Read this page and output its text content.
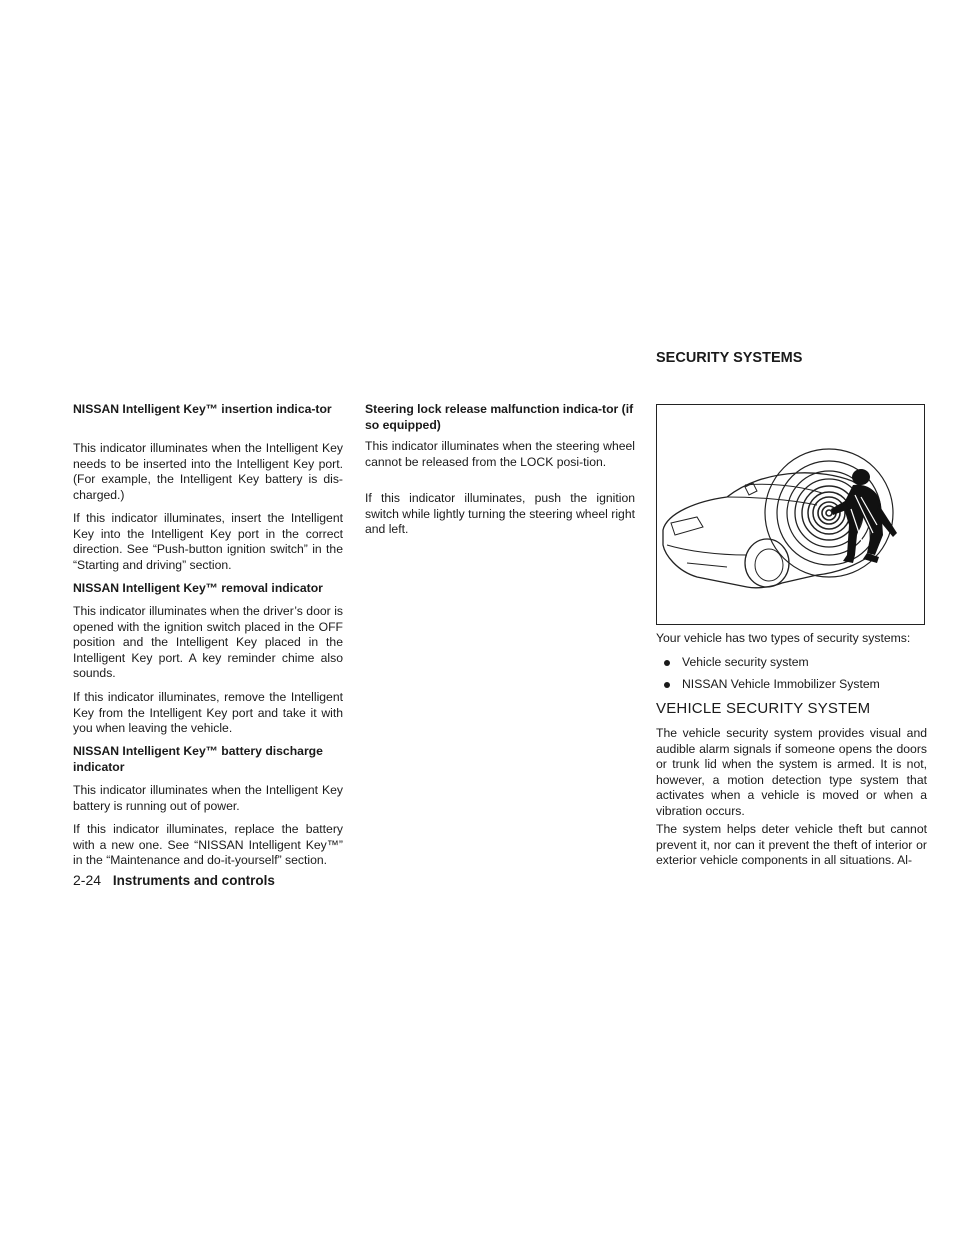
SECURITY SYSTEMS
NISSAN Intelligent Key™ insertion indica-tor

This indicator illuminates when the Intelligent Key needs to be inserted into the Intelligent Key port. (For example, the Intelligent Key battery is dis-charged.)

If this indicator illuminates, insert the Intelligent Key into the Intelligent Key port in the correct direction. See “Push-button ignition switch” in the “Starting and driving” section.

NISSAN Intelligent Key™ removal indicator

This indicator illuminates when the driver’s door is opened with the ignition switch placed in the OFF position and the Intelligent Key placed in the Intelligent Key port. A key reminder chime also sounds.

If this indicator illuminates, remove the Intelligent Key from the Intelligent Key port and take it with you when leaving the vehicle.

NISSAN Intelligent Key™ battery discharge indicator

This indicator illuminates when the Intelligent Key battery is running out of power.

If this indicator illuminates, replace the battery with a new one. See “NISSAN Intelligent Key™” in the “Maintenance and do-it-yourself” section.

Steering lock release malfunction indica-tor (if so equipped)

This indicator illuminates when the steering wheel cannot be released from the LOCK posi-tion.

If this indicator illuminates, push the ignition switch while lightly turning the steering wheel right and left.

Your vehicle has two types of security systems:

Vehicle security system
NISSAN Vehicle Immobilizer System
VEHICLE SECURITY SYSTEM

The vehicle security system provides visual and audible alarm signals if someone opens the doors or trunk lid when the system is armed. It is not, however, a motion detection type system that activates when a vehicle is moved or when a vibration occurs.

The system helps deter vehicle theft but cannot prevent it, nor can it prevent the theft of interior or exterior vehicle components in all situations. Al-

2-24 Instruments and controls
